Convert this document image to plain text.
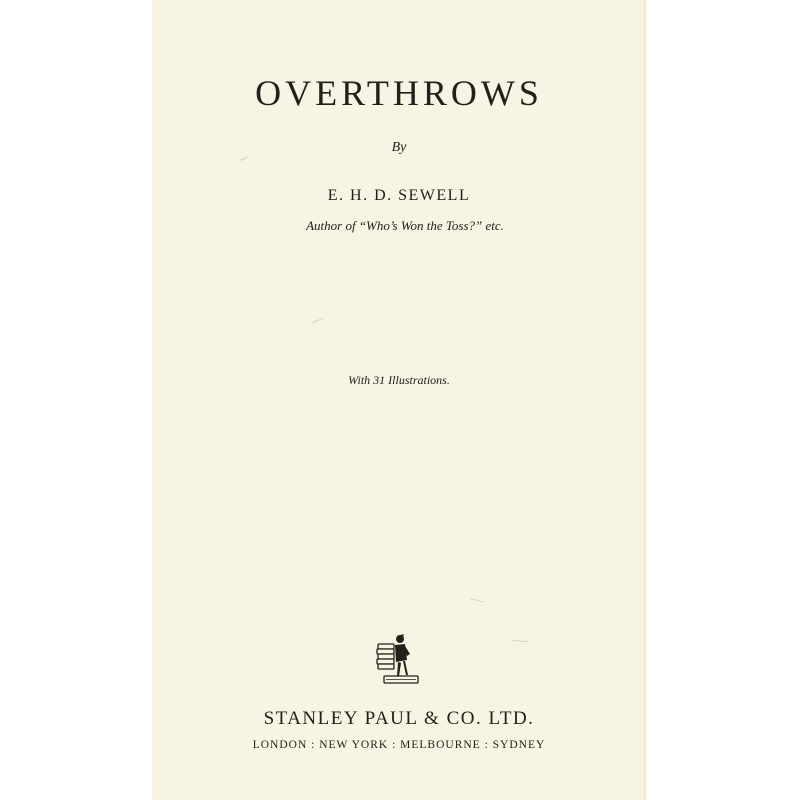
OVERTHROWS
By
E. H. D. SEWELL
Author of “Who’s Won the Toss?” etc.
With 31 Illustrations.
STANLEY PAUL & CO. LTD.
LONDON : NEW YORK : MELBOURNE : SYDNEY
